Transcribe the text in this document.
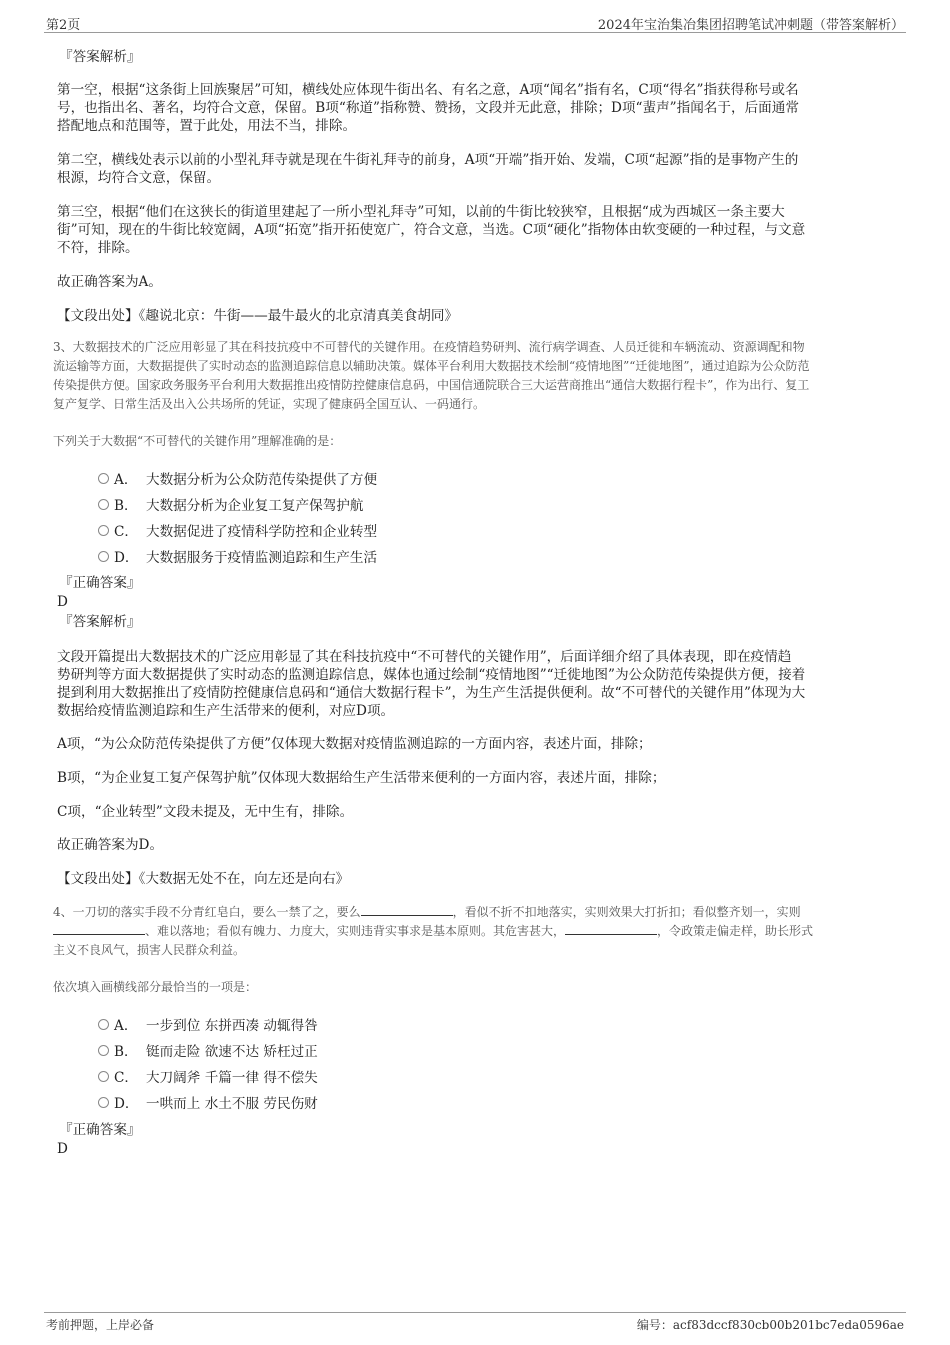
第2页	2024年宝治集冶集团招聘笔试冲刺题（带答案解析）

『答案解析』

第一空，根据“这条街上回族聚居”可知，横线处应体现牛街出名、有名之意，A项“闻名”指有名，C项“得名”指获得称号或名

号，也指出名、著名，均符合文意，保留。B项“称道”指称赞、赞扬，文段并无此意，排除；D项“蜚声”指闻名于，后面通常

搭配地点和范围等，置于此处，用法不当，排除。

第二空，横线处表示以前的小型礼拜寺就是现在牛街礼拜寺的前身，A项“开端”指开始、发端，C项“起源”指的是事物产生的

根源，均符合文意，保留。

第三空，根据“他们在这狭长的街道里建起了一所小型礼拜寺”可知，以前的牛街比较狭窄，且根据“成为西城区一条主要大

街”可知，现在的牛街比较宽阔，A项“拓宽”指开拓使宽广，符合文意，当选。C项“硬化”指物体由软变硬的一种过程，与文意

不符，排除。

故正确答案为A。

【文段出处】《趣说北京：牛街——最牛最火的北京清真美食胡同》

3、大数据技术的广泛应用彰显了其在科技抗疫中不可替代的关键作用。在疫情趋势研判、流行病学调查、人员迁徙和车辆流动、资源调配和物

流运输等方面，大数据提供了实时动态的监测追踪信息以辅助决策。媒体平台利用大数据技术绘制“疫情地图”“迁徙地图”，通过追踪为公众防范

传染提供方便。国家政务服务平台利用大数据推出疫情防控健康信息码，中国信通院联合三大运营商推出“通信大数据行程卡”，作为出行、复工

复产复学、日常生活及出入公共场所的凭证，实现了健康码全国互认、一码通行。

下列关于大数据“不可替代的关键作用”理解准确的是：

A． 大数据分析为公众防范传染提供了方便
B． 大数据分析为企业复工复产保驾护航
C． 大数据促进了疫情科学防控和企业转型
D． 大数据服务于疫情监测追踪和生产生活

『正确答案』

D

『答案解析』

文段开篇提出大数据技术的广泛应用彰显了其在科技抗疫中“不可替代的关键作用”，后面详细介绍了具体表现，即在疫情趋

势研判等方面大数据提供了实时动态的监测追踪信息，媒体也通过绘制“疫情地图”“迁徙地图”为公众防范传染提供方便，接着

提到利用大数据推出了疫情防控健康信息码和“通信大数据行程卡”，为生产生活提供便利。故“不可替代的关键作用”体现为大

数据给疫情监测追踪和生产生活带来的便利，对应D项。

A项，“为公众防范传染提供了方便”仅体现大数据对疫情监测追踪的一方面内容，表述片面，排除；

B项，“为企业复工复产保驾护航”仅体现大数据给生产生活带来便利的一方面内容，表述片面，排除；

C项，“企业转型”文段未提及，无中生有，排除。

故正确答案为D。

【文段出处】《大数据无处不在，向左还是向右》

4、一刀切的落实手段不分青红皂白，要么一禁了之，要么	，看似不折不扣地落实，实则效果大打折扣；看似整齐划一，实则

、难以落地；看似有魄力、力度大，实则违背实事求是基本原则。其危害甚大，	，令政策走偏走样，助长形式

主义不良风气，损害人民群众利益。

依次填入画横线部分最恰当的一项是：

A． 一步到位 东拼西凑 动辄得咎
B． 铤而走险 欲速不达 矫枉过正
C． 大刀阔斧 千篇一律 得不偿失
D． 一哄而上 水土不服 劳民伤财

『正确答案』

D

考前押题，上岸必备	编号：acf83dccf830cb00b201bc7eda0596ae
